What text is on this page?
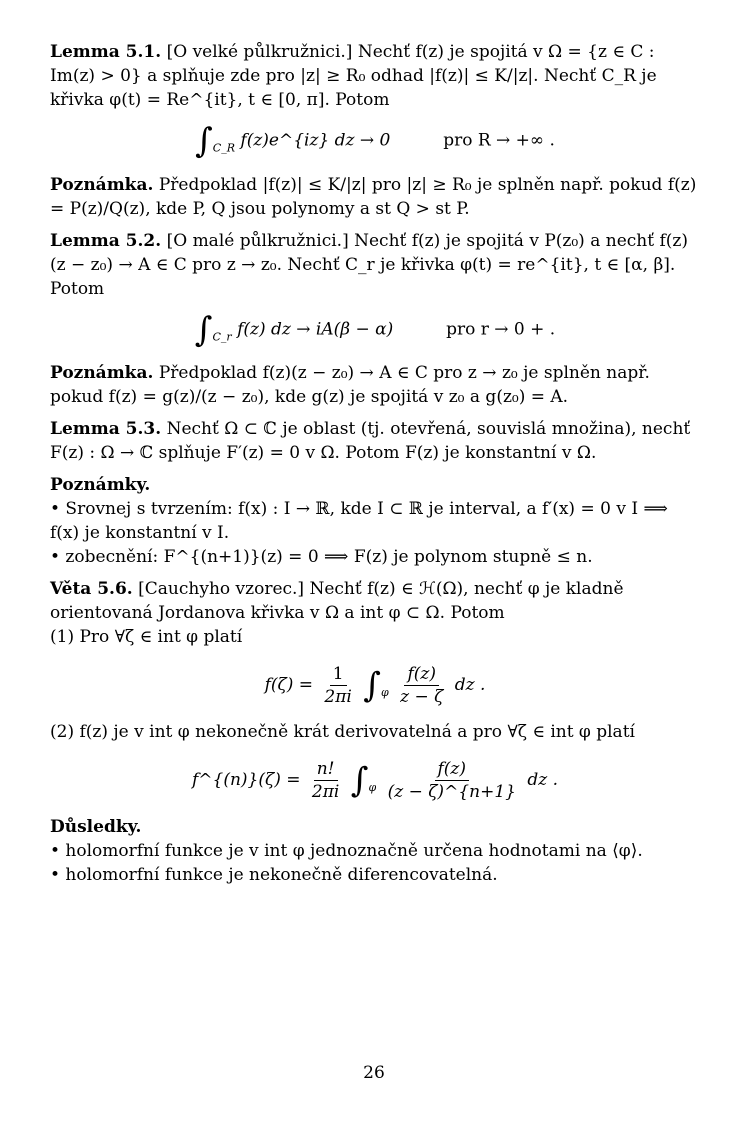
Lemma 5.1. [O velké půlkružnici.] Nechť f(z) je spojitá v Ω = {z ∈ C : Im(z) > 0} a splňuje zde pro |z| ≥ R₀ odhad |f(z)| ≤ K/|z|. Nechť C_R je křivka φ(t) = Re^{it}, t ∈ [0, π]. Potom

$\int_{C\_R}$ f(z)e^{iz} dz → 0	pro R → +∞ .

Poznámka. Předpoklad |f(z)| ≤ K/|z| pro |z| ≥ R₀ je splněn např. pokud f(z) = P(z)/Q(z), kde P, Q jsou polynomy a st Q > st P.

Lemma 5.2. [O malé půlkružnici.] Nechť f(z) je spojitá v P(z₀) a nechť f(z)(z − z₀) → A ∈ C pro z → z₀. Nechť C_r je křivka φ(t) = re^{it}, t ∈ [α, β]. Potom

$\int_{C\_r}$ f(z) dz → iA(β − α)	pro r → 0 + .

Poznámka. Předpoklad f(z)(z − z₀) → A ∈ C pro z → z₀ je splněn např. pokud f(z) = g(z)/(z − z₀), kde g(z) je spojitá v z₀ a g(z₀) = A.

Lemma 5.3. Nechť Ω ⊂ ℂ je oblast (tj. otevřená, souvislá množina), nechť F(z) : Ω → ℂ splňuje F′(z) = 0 v Ω. Potom F(z) je konstantní v Ω.

Poznámky.

• Srovnej s tvrzením: f(x) : I → ℝ, kde I ⊂ ℝ je interval, a f′(x) = 0 v I ⟹ f(x) je konstantní v I.

• zobecnění: F^{(n+1)}(z) = 0 ⟹ F(z) je polynom stupně ≤ n.

Věta 5.6. [Cauchyho vzorec.] Nechť f(z) ∈ ℋ(Ω), nechť φ je kladně orientovaná Jordanova křivka v Ω a int φ ⊂ Ω. Potom

(1) Pro ∀ζ ∈ int φ platí

$f(\zeta) = \frac{1}{2\pi i} \int_\varphi \frac{f(z)}{z - \zeta}$ dz .

(2) f(z) je v int φ nekonečně krát derivovatelná a pro ∀ζ ∈ int φ platí

f^{(n)}(ζ) = $\frac{n!}{2\pi i} \int_\varphi \frac{f(z)}{(z - \zeta)\^{}\{n+1\}}$ dz .

Důsledky.

• holomorfní funkce je v int φ jednoznačně určena hodnotami na ⟨φ⟩.

• holomorfní funkce je nekonečně diferencovatelná.

26
